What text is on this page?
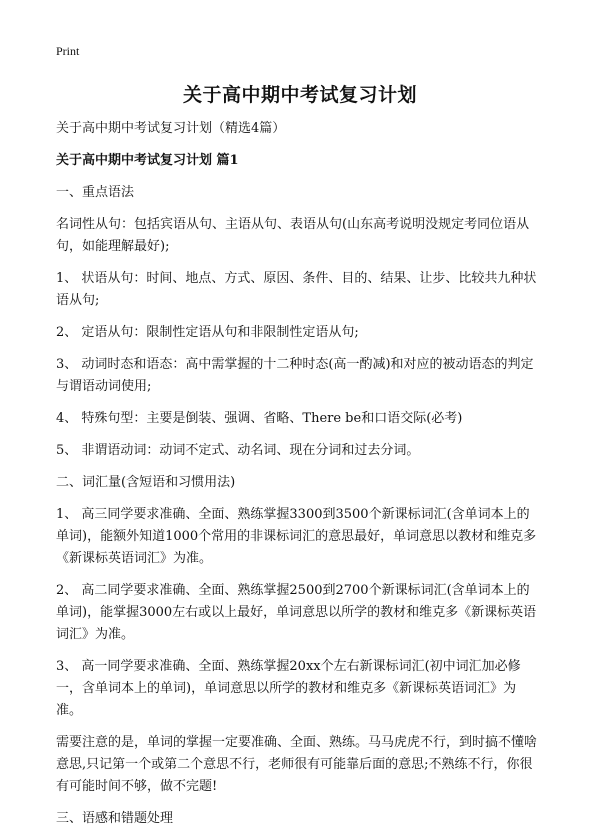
Print
关于高中期中考试复习计划

关于高中期中考试复习计划（精选4篇）

关于高中期中考试复习计划 篇1

一、重点语法

名词性从句：包括宾语从句、主语从句、表语从句(山东高考说明没规定考同位语从句，如能理解最好);

1、 状语从句：时间、地点、方式、原因、条件、目的、结果、让步、比较共九种状语从句;

2、 定语从句：限制性定语从句和非限制性定语从句;

3、 动词时态和语态：高中需掌握的十二种时态(高一酌减)和对应的被动语态的判定与谓语动词使用;

4、 特殊句型：主要是倒装、强调、省略、There be和口语交际(必考)

5、 非谓语动词：动词不定式、动名词、现在分词和过去分词。

二、词汇量(含短语和习惯用法)

1、 高三同学要求准确、全面、熟练掌握3300到3500个新课标词汇(含单词本上的单词)，能额外知道1000个常用的非课标词汇的意思最好，单词意思以教材和维克多《新课标英语词汇》为准。

2、 高二同学要求准确、全面、熟练掌握2500到2700个新课标词汇(含单词本上的单词)，能掌握3000左右或以上最好，单词意思以所学的教材和维克多《新课标英语词汇》为准。

3、 高一同学要求准确、全面、熟练掌握20xx个左右新课标词汇(初中词汇加必修一，含单词本上的单词)，单词意思以所学的教材和维克多《新课标英语词汇》为准。

需要注意的是，单词的掌握一定要准确、全面、熟练。马马虎虎不行，到时搞不懂啥意思,只记第一个或第二个意思不行，老师很有可能靠后面的意思;不熟练不行，你很有可能时间不够，做不完题!

三、语感和错题处理
